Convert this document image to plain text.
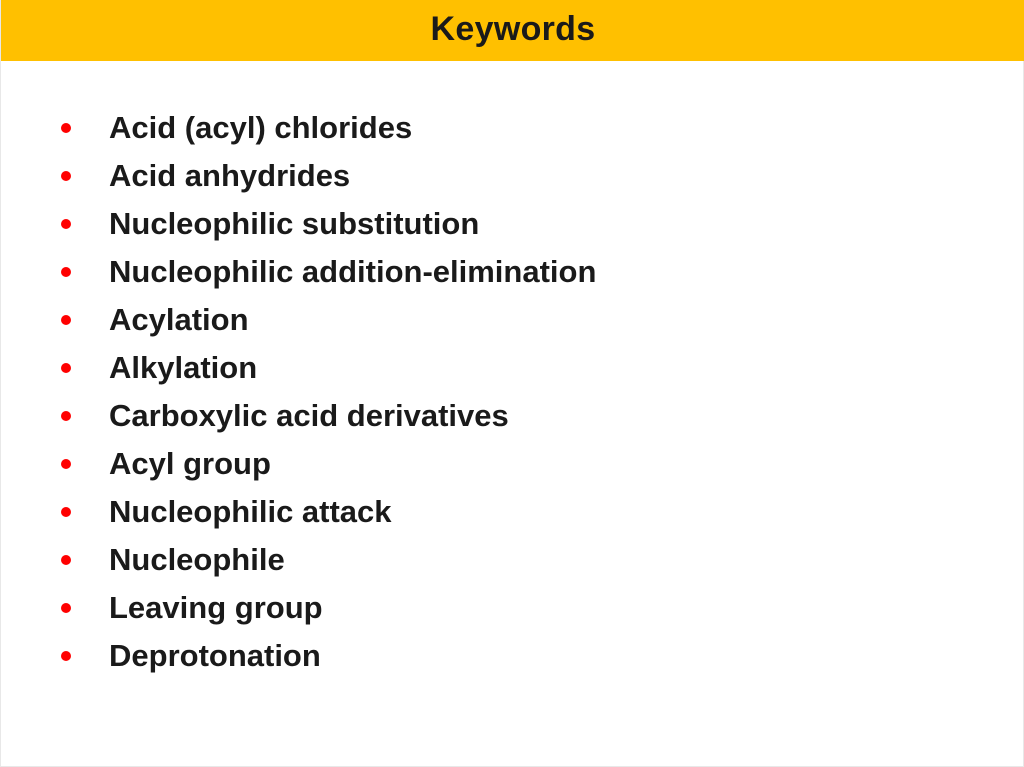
Keywords
Acid (acyl) chlorides
Acid anhydrides
Nucleophilic substitution
Nucleophilic addition-elimination
Acylation
Alkylation
Carboxylic acid derivatives
Acyl group
Nucleophilic attack
Nucleophile
Leaving group
Deprotonation
